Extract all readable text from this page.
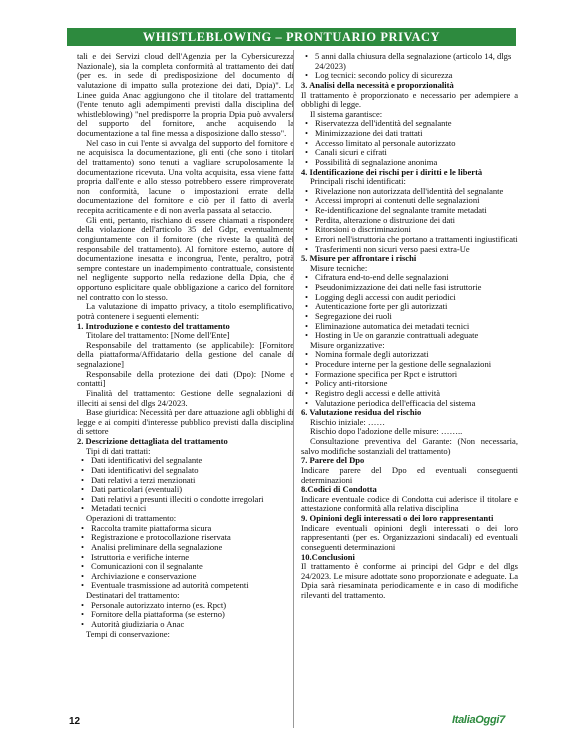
WHISTLEBLOWING – PRONTUARIO PRIVACY
tali e dei Servizi cloud dell'Agenzia per la Cybersicurezza Nazionale), sia la completa conformità al trattamento dei dati (per es. in sede di predisposizione del documento di valutazione di impatto sulla protezione dei dati, Dpia)". Le Linee guida Anac aggiungono che il titolare del trattamento (l'ente tenuto agli adempimenti previsti dalla disciplina del whistleblowing) "nel predisporre la propria Dpia può avvalersi del supporto del fornitore, anche acquisendo la documentazione a tal fine messa a disposizione dallo stesso".
Nel caso in cui l'ente si avvalga del supporto del fornitore e ne acquisisca la documentazione, gli enti (che sono i titolari del trattamento) sono tenuti a vagliare scrupolosamente la documentazione ricevuta. Una volta acquisita, essa viene fatta propria dall'ente e allo stesso potrebbero essere rimproverate non conformità, lacune o impostazioni errate della documentazione del fornitore e ciò per il fatto di averla recepita acriticamente e di non averla passata al setaccio.
Gli enti, pertanto, rischiano di essere chiamati a rispondere della violazione dell'articolo 35 del Gdpr, eventualmente congiuntamente con il fornitore (che riveste la qualità del responsabile del trattamento). Al fornitore esterno, autore di documentazione inesatta e incongrua, l'ente, peraltro, potrà sempre contestare un inadempimento contrattuale, consistente nel negligente supporto nella redazione della Dpia, che è opportuno esplicitare quale obbligazione a carico del fornitore nel contratto con lo stesso.
La valutazione di impatto privacy, a titolo esemplificativo, potrà contenere i seguenti elementi:
1. Introduzione e contesto del trattamento
Titolare del trattamento: [Nome dell'Ente]
Responsabile del trattamento (se applicabile): [Fornitore della piattaforma/Affidatario della gestione del canale di segnalazione]
Responsabile della protezione dei dati (Dpo): [Nome e contatti]
Finalità del trattamento: Gestione delle segnalazioni di illeciti ai sensi del dlgs 24/2023.
Base giuridica: Necessità per dare attuazione agli obblighi di legge e ai compiti d'interesse pubblico previsti dalla disciplina di settore
2. Descrizione dettagliata del trattamento
Tipi di dati trattati:
• Dati identificativi del segnalante
• Dati identificativi del segnalato
• Dati relativi a terzi menzionati
• Dati particolari (eventuali)
• Dati relativi a presunti illeciti o condotte irregolari
• Metadati tecnici
Operazioni di trattamento:
• Raccolta tramite piattaforma sicura
• Registrazione e protocollazione riservata
• Analisi preliminare della segnalazione
• Istruttoria e verifiche interne
• Comunicazioni con il segnalante
• Archiviazione e conservazione
• Eventuale trasmissione ad autorità competenti
Destinatari del trattamento:
• Personale autorizzato interno (es. Rpct)
• Fornitore della piattaforma (se esterno)
• Autorità giudiziaria o Anac
Tempi di conservazione:
• 5 anni dalla chiusura della segnalazione (articolo 14, dlgs 24/2023)
• Log tecnici: secondo policy di sicurezza
3. Analisi della necessità e proporzionalità
Il trattamento è proporzionato e necessario per adempiere a obblighi di legge.
Il sistema garantisce:
• Riservatezza dell'identità del segnalante
• Minimizzazione dei dati trattati
• Accesso limitato al personale autorizzato
• Canali sicuri e cifrati
• Possibilità di segnalazione anonima
4. Identificazione dei rischi per i diritti e le libertà
Principali rischi identificati:
• Rivelazione non autorizzata dell'identità del segnalante
• Accessi impropri ai contenuti delle segnalazioni
• Re-identificazione del segnalante tramite metadati
• Perdita, alterazione o distruzione dei dati
• Ritorsioni o discriminazioni
• Errori nell'istruttoria che portano a trattamenti ingiustificati
• Trasferimenti non sicuri verso paesi extra-Ue
5. Misure per affrontare i rischi
Misure tecniche:
• Cifratura end-to-end delle segnalazioni
• Pseudonimizzazione dei dati nelle fasi istruttorie
• Logging degli accessi con audit periodici
• Autenticazione forte per gli autorizzati
• Segregazione dei ruoli
• Eliminazione automatica dei metadati tecnici
• Hosting in Ue on garanzie contrattuali adeguate
Misure organizzative:
• Nomina formale degli autorizzati
• Procedure interne per la gestione delle segnalazioni
• Formazione specifica per Rpct e istruttori
• Policy anti-ritorsione
• Registro degli accessi e delle attività
• Valutazione periodica dell'efficacia del sistema
6. Valutazione residua del rischio
Rischio iniziale: ……
Rischio dopo l'adozione delle misure: ……..
Consultazione preventiva del Garante: (Non necessaria, salvo modifiche sostanziali del trattamento)
7. Parere del Dpo
Indicare parere del Dpo ed eventuali conseguenti determinazioni
8.Codici di Condotta
Indicare eventuale codice di Condotta cui aderisce il titolare e attestazione conformità alla relativa disciplina
9. Opinioni degli interessati o dei loro rappresentanti
Indicare eventuali opinioni degli interessati o dei loro rappresentanti (per es. Organizzazioni sindacali) ed eventuali conseguenti determinazioni
10.Conclusioni
Il trattamento è conforme ai principi del Gdpr e del dlgs 24/2023. Le misure adottate sono proporzionate e adeguate. La Dpia sarà riesaminata periodicamente e in caso di modifiche rilevanti del trattamento.
12	ItaliaOggi7
